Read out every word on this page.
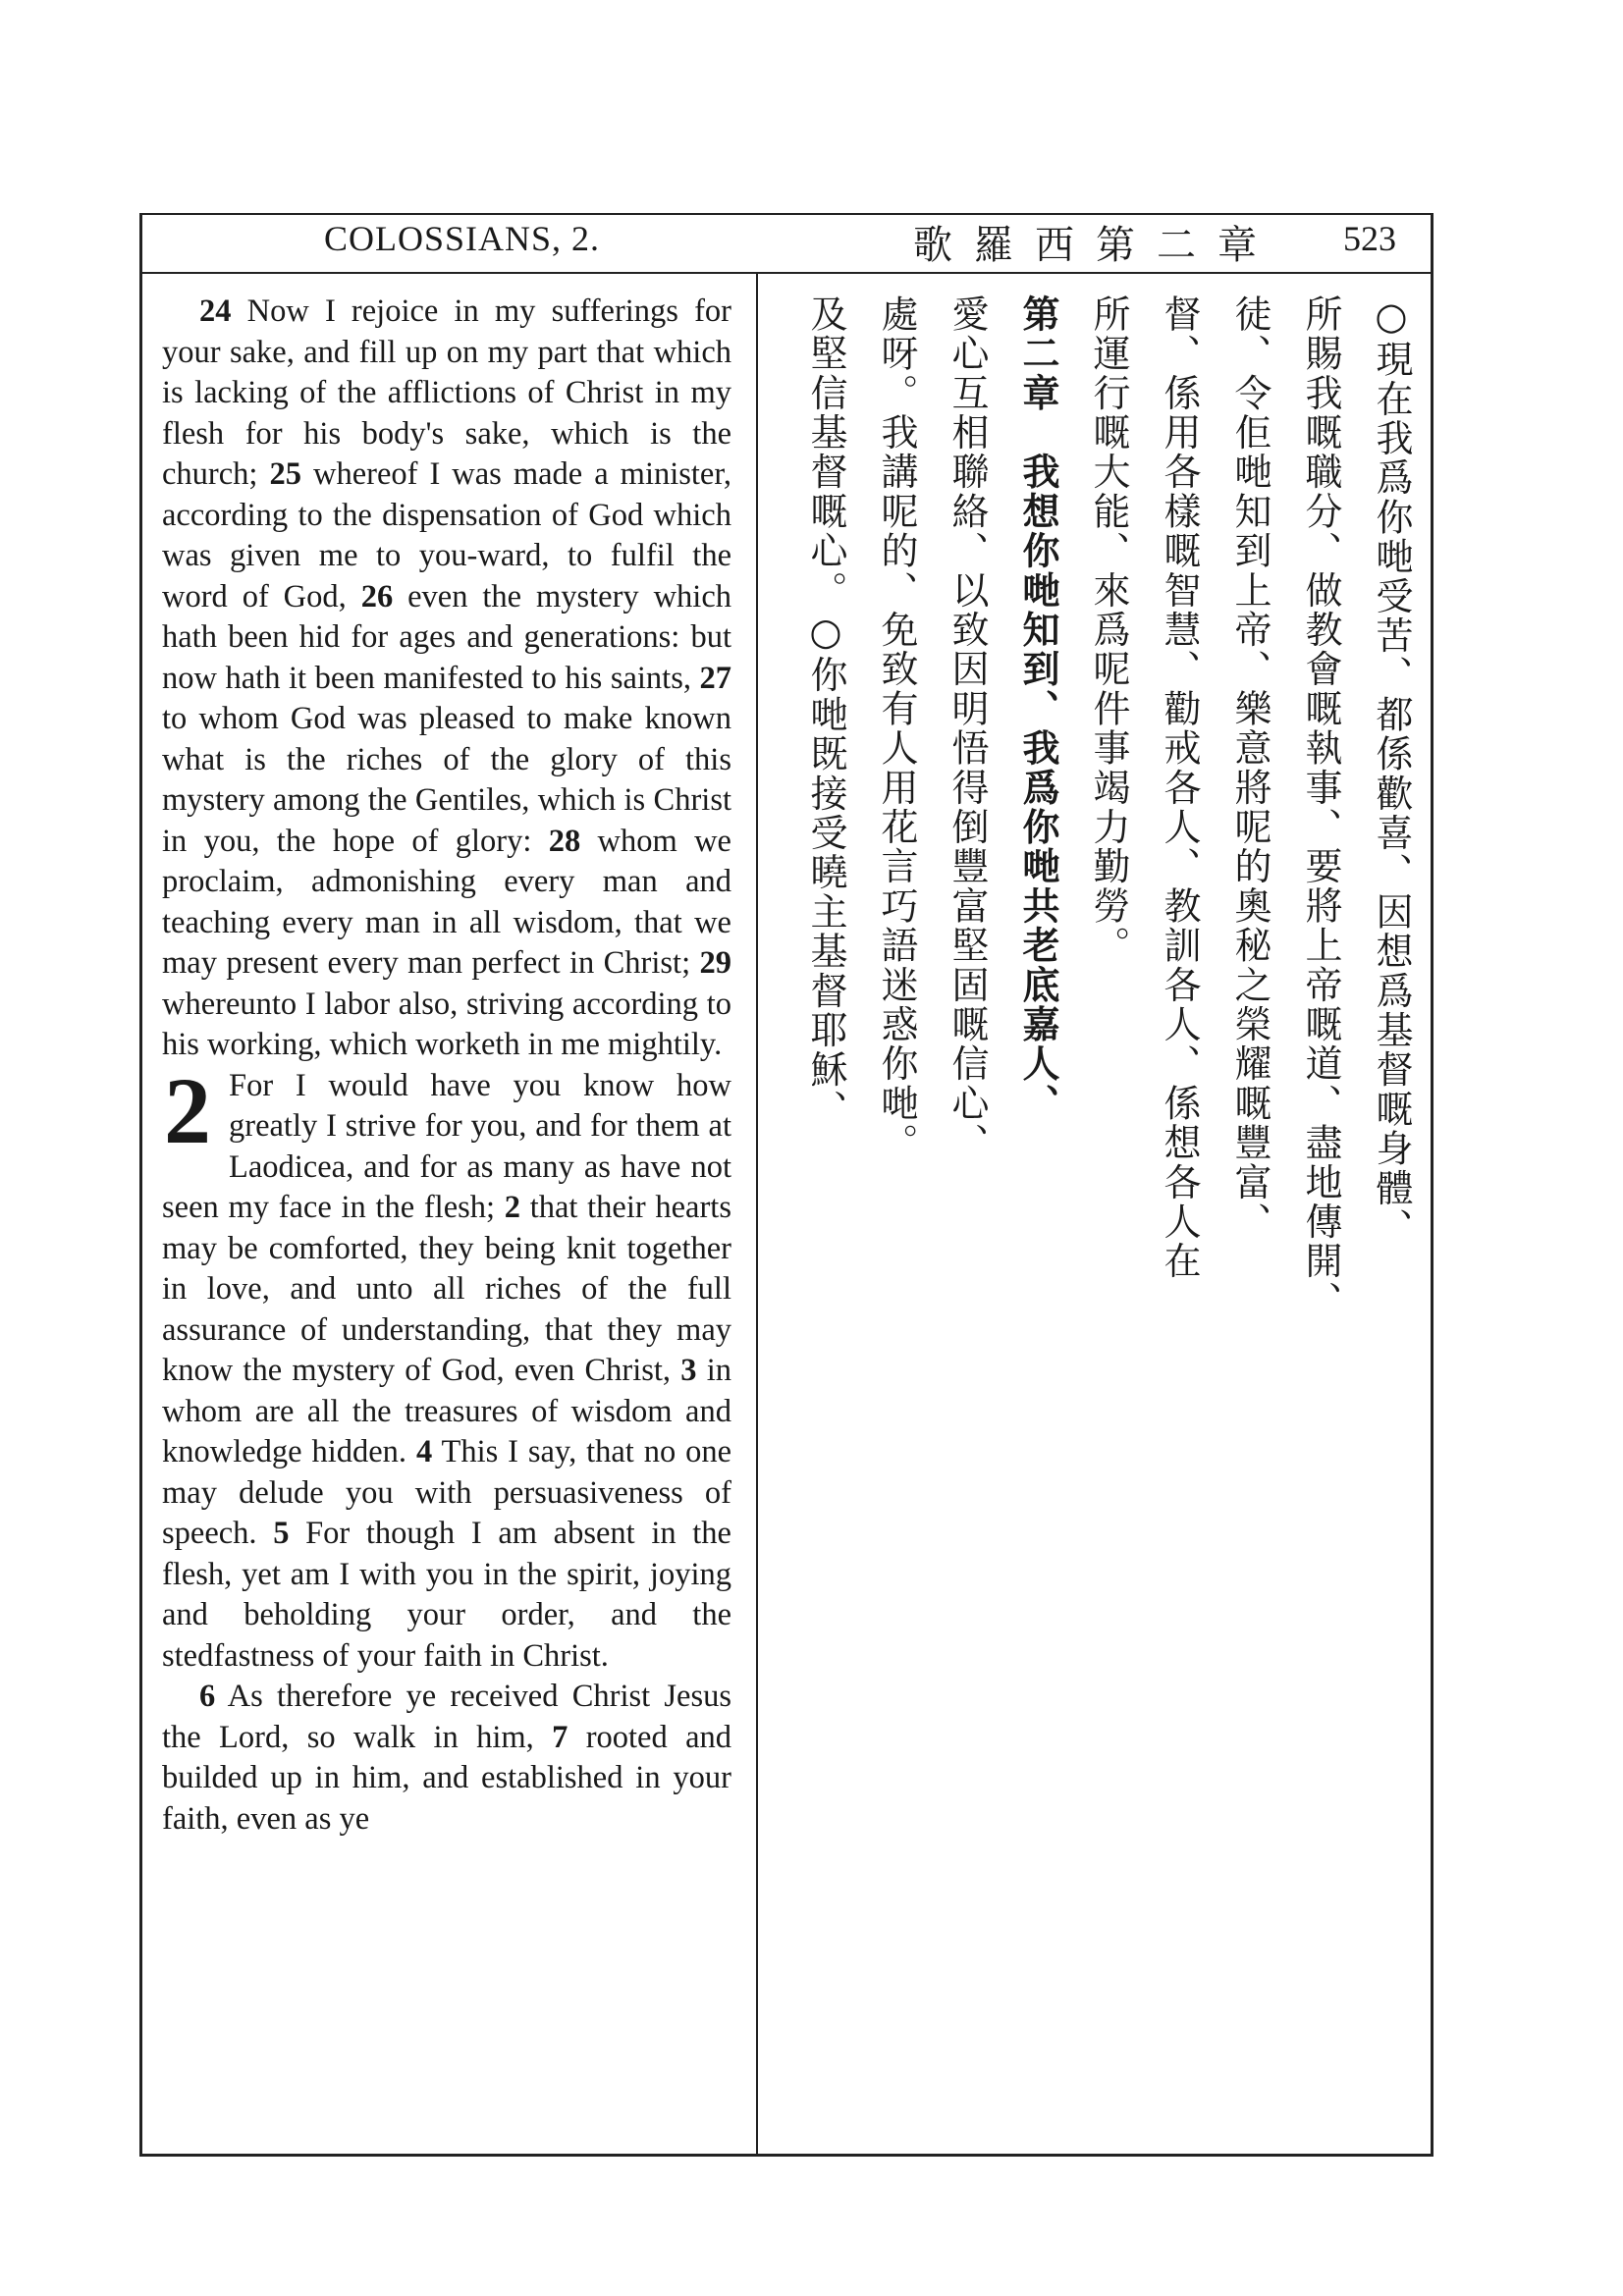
COLOSSIANS, 2.	歌羅西第二章 523

24 Now I rejoice in my sufferings for your sake, and fill up on my part that which is lacking of the afflictions of Christ in my flesh for his body's sake, which is the church; 25 whereof I was made a minister, according to the dispensation of God which was given me to you-ward, to fulfil the word of God, 26 even the mystery which hath been hid for ages and generations: but now hath it been manifested to his saints, 27 to whom God was pleased to make known what is the riches of the glory of this mystery among the Gentiles, which is Christ in you, the hope of glory: 28 whom we proclaim, admonishing every man and teaching every man in all wisdom, that we may present every man perfect in Christ; 29 whereunto I labor also, striving according to his working, which worketh in me mightily.

2 For I would have you know how greatly I strive for you, and for them at Laodicea, and for as many as have not seen my face in the flesh; 2 that their hearts may be comforted, they being knit together in love, and unto all riches of the full assurance of understanding, that they may know the mystery of God, even Christ, 3 in whom are all the treasures of wisdom and knowledge hidden. 4 This I say, that no one may delude you with persuasiveness of speech. 5 For though I am absent in the flesh, yet am I with you in the spirit, joying and beholding your order, and the stedfastness of your faith in Christ.

6 As therefore ye received Christ Jesus the Lord, so walk in him, 7 rooted and builded up in him, and established in your faith, even as ye

○現在我爲你哋受苦、都係歡喜、因想爲基督嘅身體、
所賜我嘅職分、做教會嘅執事、要將上帝嘅道、盡地傳開、
徒、令佢哋知到上帝、樂意將呢的奧秘之榮耀嘅豐富、
督、係用各樣嘅智慧、勸戒各人、教訓各人、係想各人在
所運行嘅大能、來爲呢件事竭力勤勞。
第二章　我想你哋知到、我爲你哋共老底嘉人、
愛心互相聯絡、以致因明悟得倒豐富堅固嘅信心、
處呀。我講呢的、免致有人用花言巧語迷惑你哋。
及堅信基督嘅心。○你哋既接受曉主基督耶穌、
